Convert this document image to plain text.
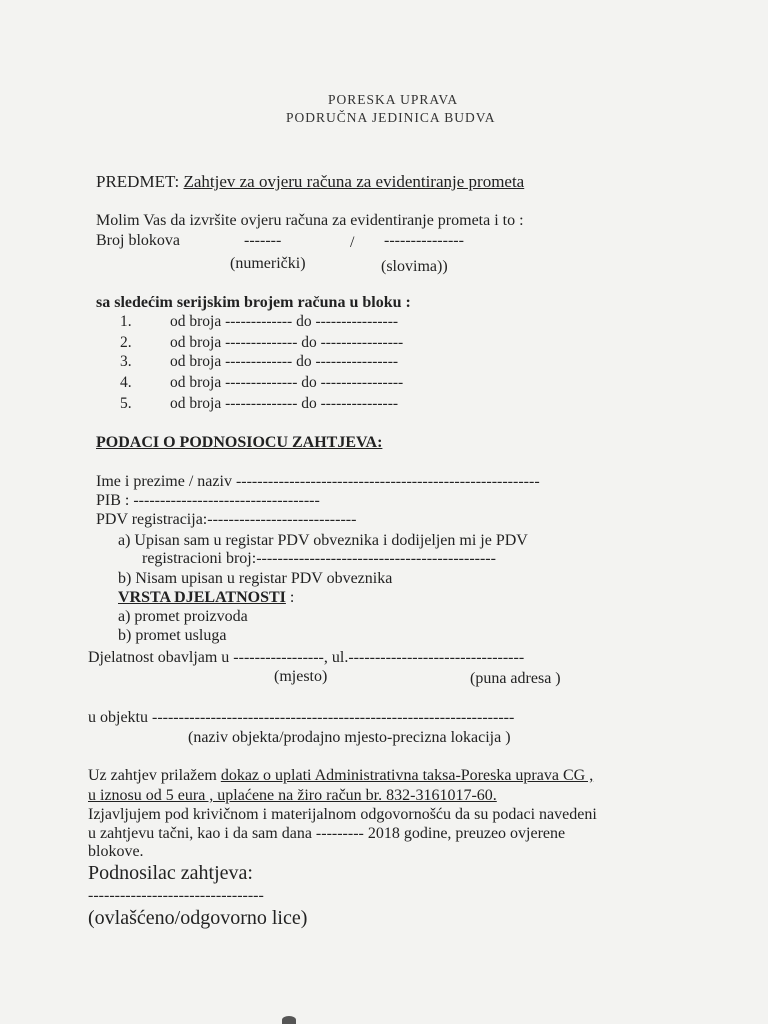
PORESKA UPRAVA
PODRUČNA JEDINICA BUDVA
PREDMET: Zahtjev za ovjeru računa za evidentiranje prometa
Molim Vas da izvršite ovjeru računa za evidentiranje prometa i to :
Broj blokova	-------	/ ---------------
(numerički)	(slovima))
sa sledećim serijskim brojem računa u bloku :
1. od broja ------------- do ----------------
2. od broja -------------- do ----------------
3. od broja ------------- do ----------------
4. od broja -------------- do ----------------
5. od broja -------------- do ---------------
PODACI O PODNOSIOCU ZAHTJEVA:
Ime i prezime / naziv ---------------------------------------------------------
PIB : -----------------------------------
PDV registracija:----------------------------
a) Upisan sam u registar PDV obveznika i dodijeljen mi je PDV
registracioni broj:---------------------------------------------
b) Nisam upisan u registar PDV obveznika
VRSTA DJELATNOSTI :
a) promet proizvoda
b) promet usluga
Djelatnost obavljam u -----------------, ul.---------------------------------
(mjesto)	(puna adresa )
u objektu --------------------------------------------------------------------
(naziv objekta/prodajno mjesto-precizna lokacija )
Uz zahtjev prilažem dokaz o uplati Administrativna taksa-Poreska uprava CG ,
u iznosu od 5 eura , uplaćene na žiro račun br. 832-3161017-60.
Izjavljujem pod krivičnom i materijalnom odgovornošću da su podaci navedeni
u zahtjevu tačni, kao i da sam dana --------- 2018 godine, preuzeo ovjerene
blokove.
Podnosilac zahtjeva:
---------------------------------
(ovlašćeno/odgovorno lice)
